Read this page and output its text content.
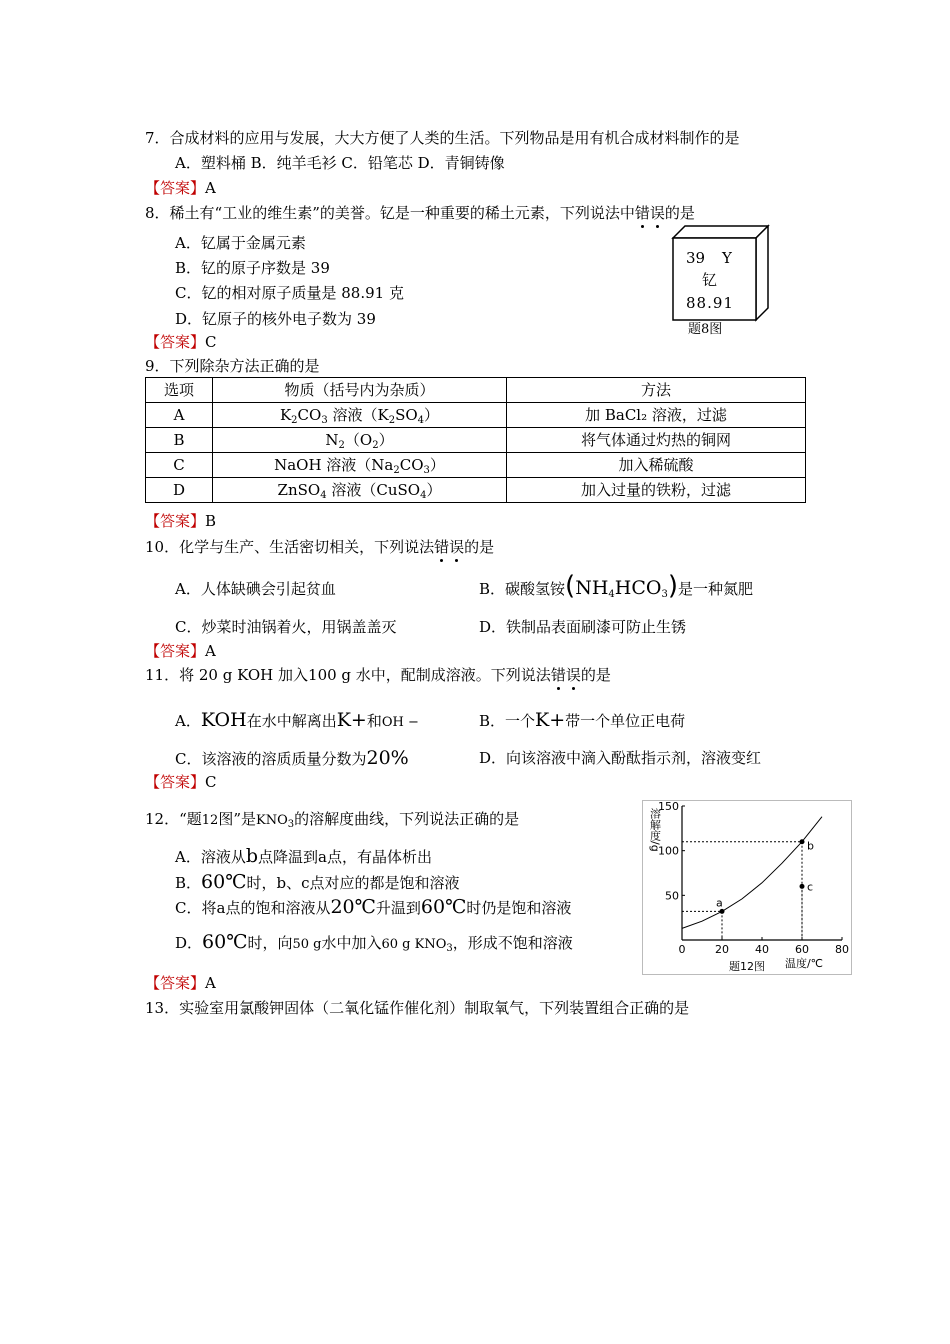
7．合成材料的应用与发展，大大方便了人类的生活。下列物品是用有机合成材料制作的是
A．塑料桶 B．纯羊毛衫 C．铅笔芯 D．青铜铸像
【答案】A
8．稀土有“工业的维生素”的美誉。钇是一种重要的稀土元素，下列说法中错误的是
A．钇属于金属元素
B．钇的原子序数是 39
C．钇的相对原子质量是 88.91 克
D．钇原子的核外电子数为 39
39 Y
钇
88.91
题8图
【答案】C
9．下列除杂方法正确的是
选项	物质（括号内为杂质）	方法
A	$K_2CO_3$ 溶液$(K_2SO_4)$	加 BaCl₂ 溶液，过滤
B	$N_2(O_2)$	将气体通过灼热的铜网
C	NaOH 溶液$(Na_2CO_3)$	加入稀硫酸
D	ZnSO$_4$ 溶液（CuSO$_4$）	加入过量的铁粉，过滤
【答案】B
10．化学与生产、生活密切相关，下列说法错误的是
A．人体缺碘会引起贫血	B．碳酸氢铵$(NH_4HCO_3)$是一种氮肥
C．炒菜时油锅着火，用锅盖盖灭	D．铁制品表面刷漆可防止生锈
【答案】A
11．将 20 g KOH 加入100 g 水中，配制成溶液。下列说法错误的是
A．KOH在水中解离出K+和OH −	B．一个K+带一个单位正电荷
C．该溶液的溶质质量分数为20%	D．向该溶液中滴入酚酞指示剂，溶液变红
【答案】C
12．“题12图”是$KNO_3$的溶解度曲线，下列说法正确的是
A．溶液从b点降温到a点，有晶体析出
B．60℃时，b、c点对应的都是饱和溶液
C．将a点的饱和溶液从20℃升温到60℃时仍是饱和溶液
D．60℃时，向50 g水中加入60 g $KNO_3$，形成不饱和溶液
【答案】A
0	20 40 60 80
50
100
150
a
b
c
溶解度/g
温度/℃
题12图
13．实验室用氯酸钾固体（二氧化锰作催化剂）制取氧气，下列装置组合正确的是
